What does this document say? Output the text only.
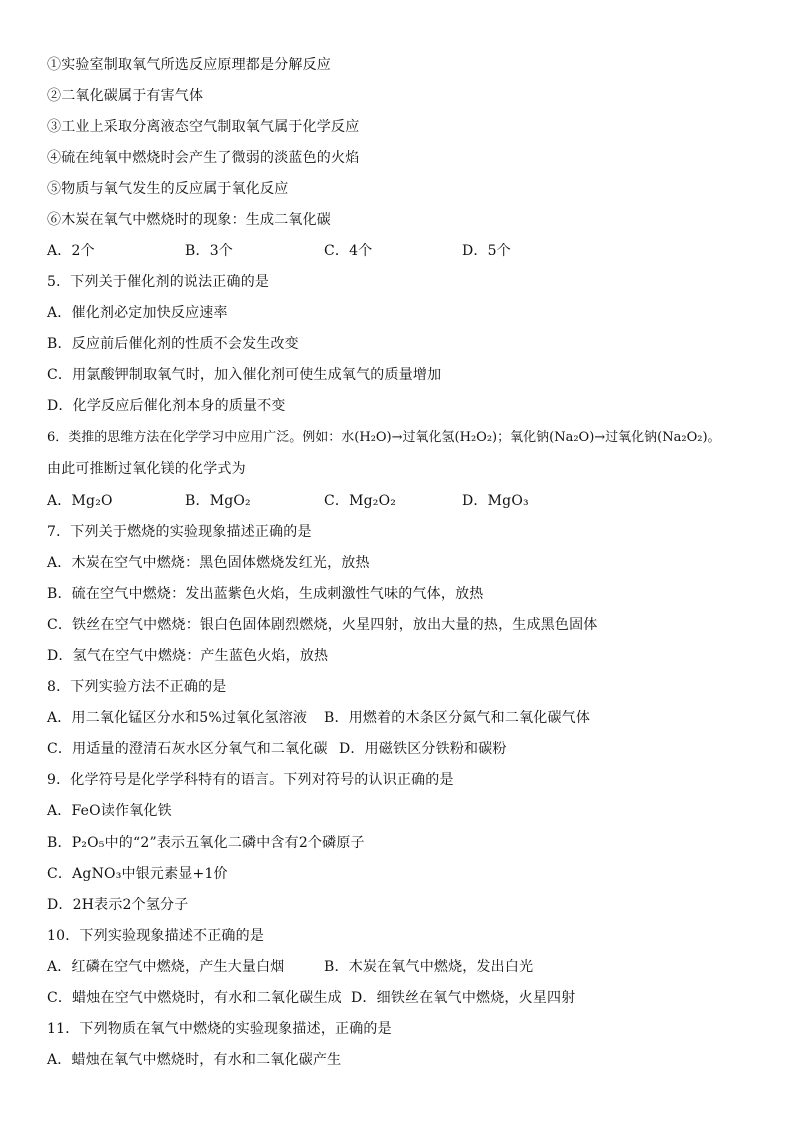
①实验室制取氧气所选反应原理都是分解反应
②二氧化碳属于有害气体
③工业上采取分离液态空气制取氧气属于化学反应
④硫在纯氧中燃烧时会产生了微弱的淡蓝色的火焰
⑤物质与氧气发生的反应属于氧化反应
⑥木炭在氧气中燃烧时的现象：生成二氧化碳
A．2个	B．3个	C．4个	D．5个
5．下列关于催化剂的说法正确的是
A．催化剂必定加快反应速率
B．反应前后催化剂的性质不会发生改变
C．用氯酸钾制取氧气时，加入催化剂可使生成氧气的质量增加
D．化学反应后催化剂本身的质量不变
6．类推的思维方法在化学学习中应用广泛。例如：水(H₂O)→过氧化氢(H₂O₂)；氧化钠(Na₂O)→过氧化钠(Na₂O₂)。
由此可推断过氧化镁的化学式为
A．Mg₂O	B．MgO₂	C．Mg₂O₂	D．MgO₃
7．下列关于燃烧的实验现象描述正确的是
A．木炭在空气中燃烧：黑色固体燃烧发红光，放热
B．硫在空气中燃烧：发出蓝紫色火焰，生成刺激性气味的气体，放热
C．铁丝在空气中燃烧：银白色固体剧烈燃烧，火星四射，放出大量的热，生成黑色固体
D．氢气在空气中燃烧：产生蓝色火焰，放热
8．下列实验方法不正确的是
A．用二氧化锰区分水和5%过氧化氢溶液 B．用燃着的木条区分氮气和二氧化碳气体
C．用适量的澄清石灰水区分氧气和二氧化碳 D．用磁铁区分铁粉和碳粉
9．化学符号是化学学科特有的语言。下列对符号的认识正确的是
A．FeO读作氧化铁
B．P₂O₅中的“2”表示五氧化二磷中含有2个磷原子
C．AgNO₃中银元素显+1价
D．2H表示2个氢分子
10．下列实验现象描述不正确的是
A．红磷在空气中燃烧，产生大量白烟	B．木炭在氧气中燃烧，发出白光
C．蜡烛在空气中燃烧时，有水和二氧化碳生成 D．细铁丝在氧气中燃烧，火星四射
11．下列物质在氧气中燃烧的实验现象描述，正确的是
A．蜡烛在氧气中燃烧时，有水和二氧化碳产生
